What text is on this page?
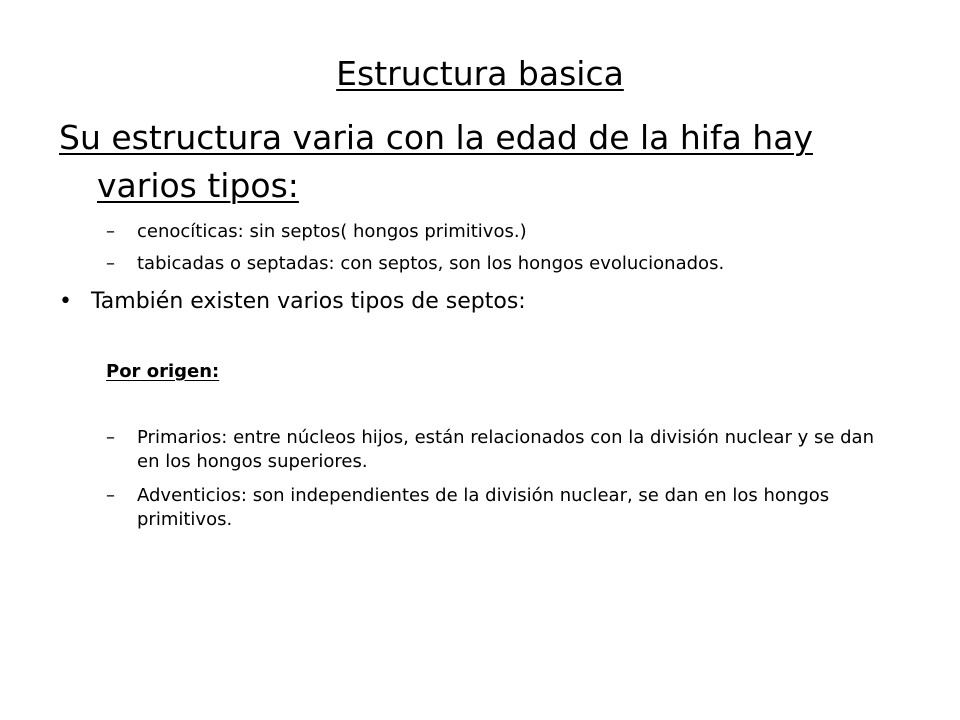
Estructura basica
Su estructura varia con la edad de la hifa hay
varios tipos:
–	cenocíticas: sin septos( hongos primitivos.)
–	tabicadas o septadas: con septos, son los hongos evolucionados.
• También existen varios tipos de septos:
Por origen:
–	Primarios: entre núcleos hijos, están relacionados con la división nuclear y se dan en los hongos superiores.
–	Adventicios: son independientes de la división nuclear, se dan en los hongos primitivos.
